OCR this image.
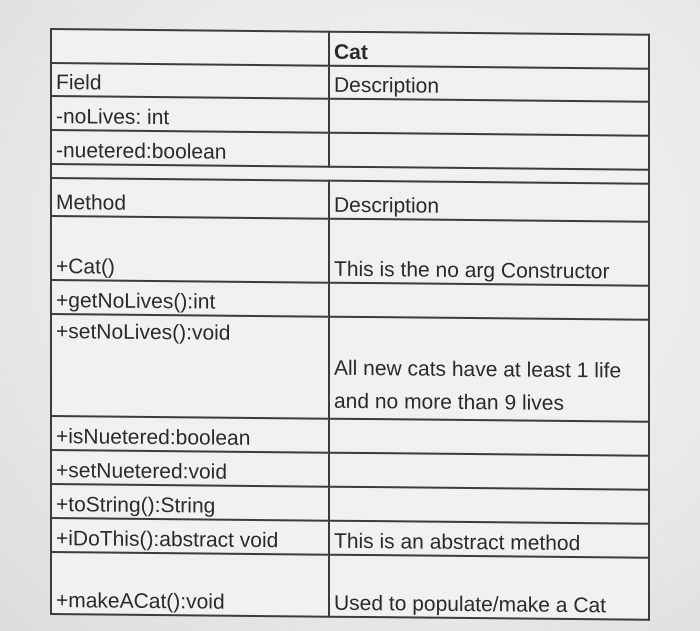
	Cat
Field	Description
-noLives: int	
-nuetered:boolean	

Method	Description
+Cat()	This is the no arg Constructor
+getNoLives():int	
+setNoLives():void	All new cats have at least 1 life and no more than 9 lives
+isNuetered:boolean	
+setNuetered:void	
+toString():String	
+iDoThis():abstract void	This is an abstract method
+makeACat():void	Used to populate/make a Cat
